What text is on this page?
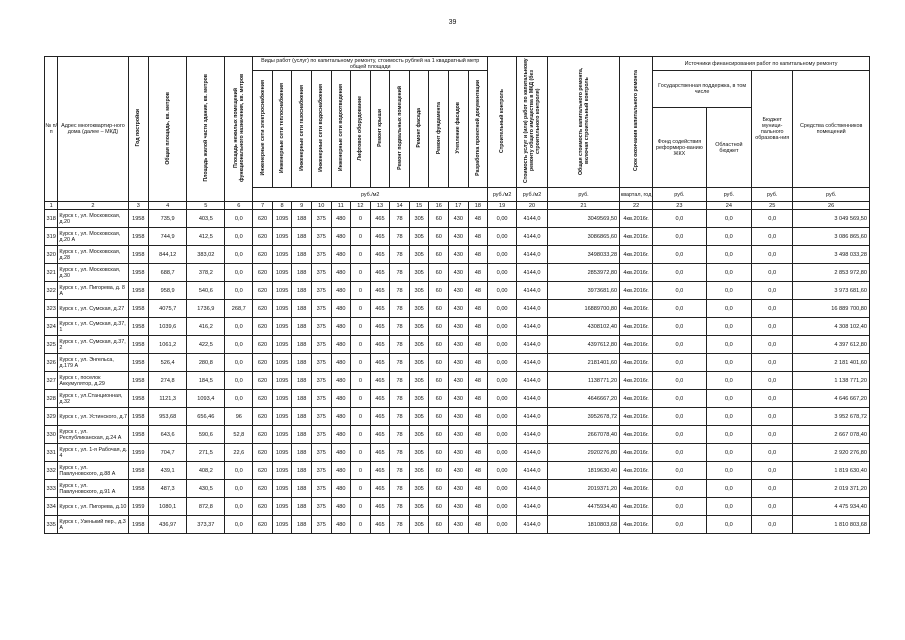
39
№ п/п	Адрес многоквартир-ного дома (далее – МКД)	Год постройки	Общая площадь, кв. метров	Площадь жилой части здания, кв. метров	Площадь нежилых помещений функционального назначения, кв. метров	Виды работ (услуг) по капитальному ремонту, стоимость рублей на 1 квадратный метр общей площади												Строительный контроль	Стоимость услуг и (или) работ по капитальному ремонту общего имущества в МКД (без строительного контроля)	Общая стоимость капитального ремонта, включая строительный контроль	Срок окончания капитального ремонта	Источники финансирования работ по капитальному ремонту			
						Инженерные сети электроснабжения	Инженерные сети теплоснабжения	Инженерные сети газоснабжения	Инженерные сети водоснабжения	Инженерные сети водоотведения	Лифтовое оборудование	Ремонт крыши	Ремонт подвальных помещений	Ремонт фасада	Ремонт фундамента	Утепление фасадов	Разработка проектной документации					Государственная поддержка, в том числе		Бюджет муници-пального образова-ния	Средства собственников помещений
																						Фонд содействия реформиро-ванию ЖКХ	Областной бюджет		
						руб./м2												руб./м2	руб./м2	руб.	квартал, год	руб.	руб.	руб.	руб.
1	2	3	4	5	6	7	8	9	10	11	12	13	14	15	16	17	18	19	20	21	22	23	24	25	26
318	Курск г., ул. Московская, д.20	1958	735,9	403,5	0,0	620	1095	188	375	480	0	465	78	305	60	430	48	0,00	4144,0	3049569,50	4кв.2016г.	0,0	0,0	0,0	3 049 569,50
319	Курск г., ул. Московская, д.20 А	1958	744,9	412,5	0,0	620	1095	188	375	480	0	465	78	305	60	430	48	0,00	4144,0	3086865,60	4кв.2016г.	0,0	0,0	0,0	3 086 865,60
320	Курск г., ул. Московская, д.28	1958	844,12	383,02	0,0	620	1095	188	375	480	0	465	78	305	60	430	48	0,00	4144,0	3498033,28	4кв.2016г.	0,0	0,0	0,0	3 498 033,28
321	Курск г., ул. Московская, д.30	1958	688,7	378,2	0,0	620	1095	188	375	480	0	465	78	305	60	430	48	0,00	4144,0	2853972,80	4кв.2016г.	0,0	0,0	0,0	2 853 972,80
322	Курск г., ул. Пигорева, д. 8 А	1958	958,9	540,6	0,0	620	1095	188	375	480	0	465	78	305	60	430	48	0,00	4144,0	3973681,60	4кв.2016г.	0,0	0,0	0,0	3 973 681,60
323	Курск г., ул. Сумская, д.27	1958	4075,7	1736,9	268,7	620	1095	188	375	480	0	465	78	305	60	430	48	0,00	4144,0	16889700,80	4кв.2016г.	0,0	0,0	0,0	16 889 700,80
324	Курск г., ул. Сумская, д.37, 1	1958	1039,6	416,2	0,0	620	1095	188	375	480	0	465	78	305	60	430	48	0,00	4144,0	4308102,40	4кв.2016г.	0,0	0,0	0,0	4 308 102,40
325	Курск г., ул. Сумская, д.37, 2	1958	1061,2	422,5	0,0	620	1095	188	375	480	0	465	78	305	60	430	48	0,00	4144,0	4397612,80	4кв.2016г.	0,0	0,0	0,0	4 397 612,80
326	Курск г., ул. Энгельса, д.179 А	1958	526,4	280,8	0,0	620	1095	188	375	480	0	465	78	305	60	430	48	0,00	4144,0	2181401,60	4кв.2016г.	0,0	0,0	0,0	2 181 401,60
327	Курск г., поселок Аккумулятор, д.29	1958	274,8	184,5	0,0	620	1095	188	375	480	0	465	78	305	60	430	48	0,00	4144,0	1138771,20	4кв.2016г.	0,0	0,0	0,0	1 138 771,20
328	Курск г., ул.Станционная, д.32	1958	1121,3	1093,4	0,0	620	1095	188	375	480	0	465	78	305	60	430	48	0,00	4144,0	4646667,20	4кв.2016г.	0,0	0,0	0,0	4 646 667,20
329	Курск г., ул. Устинского, д.7	1958	953,68	656,46	96	620	1095	188	375	480	0	465	78	305	60	430	48	0,00	4144,0	3952678,72	4кв.2016г.	0,0	0,0	0,0	3 952 678,72
330	Курск г., ул. Республиканская, д.24 А	1958	643,6	590,6	52,8	620	1095	188	375	480	0	465	78	305	60	430	48	0,00	4144,0	2667078,40	4кв.2016г.	0,0	0,0	0,0	2 667 078,40
331	Курск г., ул. 1-я Рабочая, д. 4	1959	704,7	271,5	22,6	620	1095	188	375	480	0	465	78	305	60	430	48	0,00	4144,0	2920276,80	4кв.2016г.	0,0	0,0	0,0	2 920 276,80
332	Курск г., ул. Павлуновского, д.88 А	1958	439,1	408,2	0,0	620	1095	188	375	480	0	465	78	305	60	430	48	0,00	4144,0	1819630,40	4кв.2016г.	0,0	0,0	0,0	1 819 630,40
333	Курск г., ул. Павлуновского, д.91 А	1958	487,3	430,5	0,0	620	1095	188	375	480	0	465	78	305	60	430	48	0,00	4144,0	2019371,20	4кв.2016г.	0,0	0,0	0,0	2 019 371,20
334	Курск г., ул. Пигорева, д.10	1959	1080,1	872,8	0,0	620	1095	188	375	480	0	465	78	305	60	430	48	0,00	4144,0	4475934,40	4кв.2016г.	0,0	0,0	0,0	4 475 934,40
335	Курск г., Узенький пер., д.3 А	1958	436,97	373,37	0,0	620	1095	188	375	480	0	465	78	305	60	430	48	0,00	4144,0	1810803,68	4кв.2016г.	0,0	0,0	0,0	1 810 803,68
